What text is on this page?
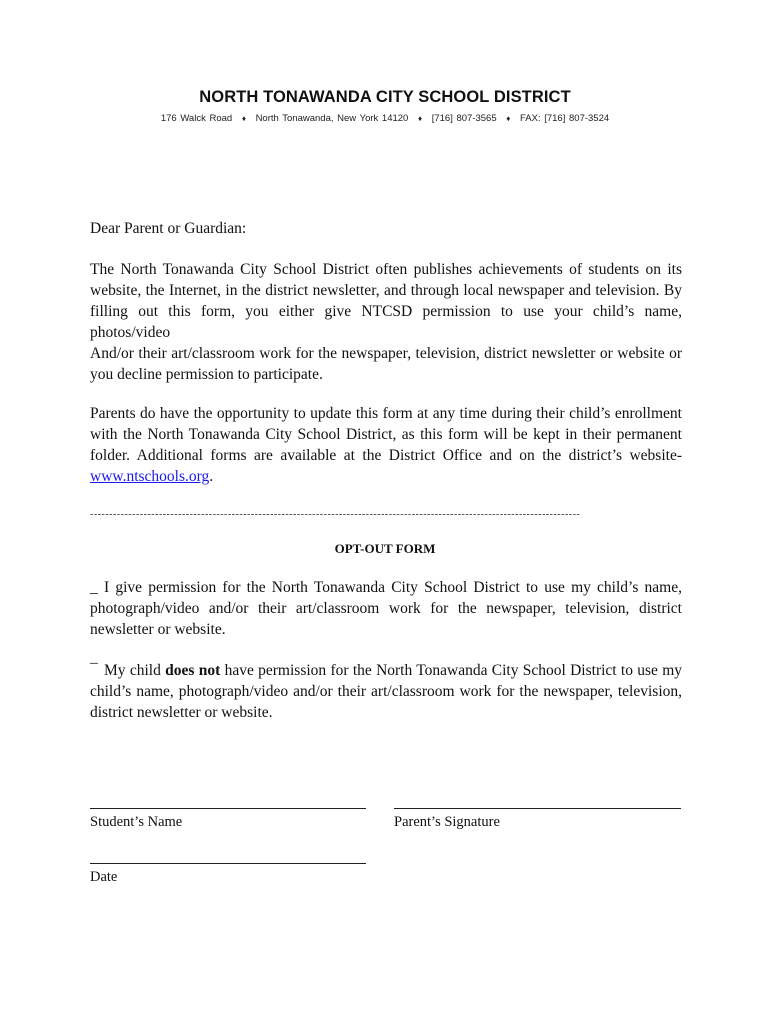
NORTH TONAWANDA CITY SCHOOL DISTRICT
176 Walck Road ♦ North Tonawanda, New York 14120 ♦ [716] 807-3565 ♦ FAX: [716] 807-3524
Dear Parent or Guardian:
The North Tonawanda City School District often publishes achievements of students on its website, the Internet, in the district newsletter, and through local newspaper and television. By filling out this form, you either give NTCSD permission to use your child’s name, photos/video
And/or their art/classroom work for the newspaper, television, district newsletter or website or you decline permission to participate.
Parents do have the opportunity to update this form at any time during their child’s enrollment with the North Tonawanda City School District, as this form will be kept in their permanent folder. Additional forms are available at the District Office and on the district’s website-www.ntschools.org.
--------------------------------------------------------------------------------------------------------------------------------
OPT-OUT FORM
_ I give permission for the North Tonawanda City School District to use my child’s name, photograph/video and/or their art/classroom work for the newspaper, television, district newsletter or website.
¯ My child does not have permission for the North Tonawanda City School District to use my child’s name, photograph/video and/or their art/classroom work for the newspaper, television, district newsletter or website.
Student’s Name	Parent’s Signature
Date
